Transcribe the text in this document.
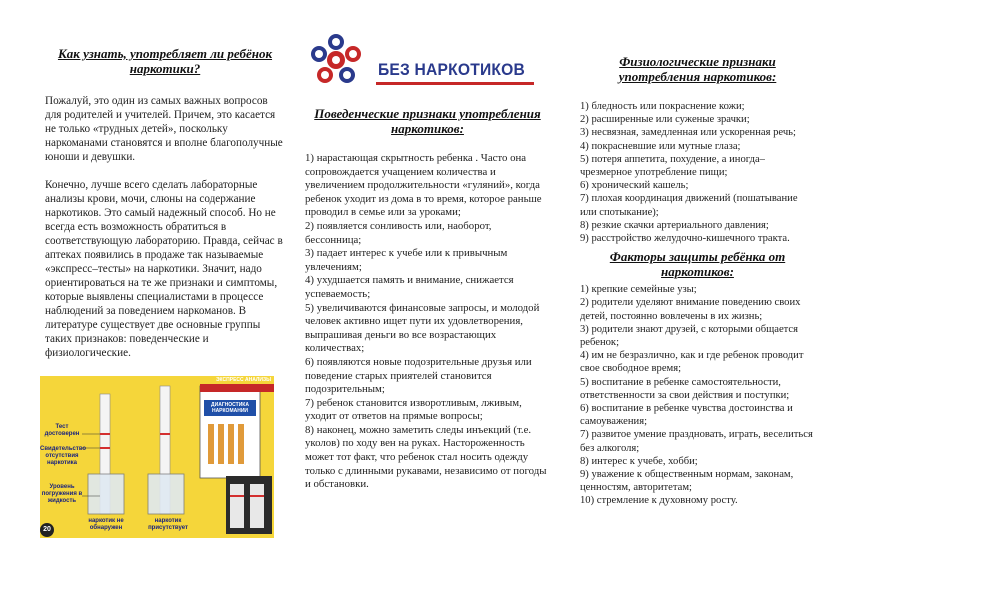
Как узнать, употребляет ли ребёнок наркотики?

Пожалуй, это один из самых важных вопросов для родителей и учителей. Причем, это касается не только «трудных детей», поскольку наркоманами становятся и вполне благополучные юноши и девушки.

Конечно, лучше всего сделать лабораторные анализы крови, мочи, слюны на содержание наркотиков. Это самый надежный способ. Но не всегда есть возможность обратиться в соответствующую лабораторию. Правда, сейчас в аптеках появились в продаже так называемые «экспресс–тесты» на наркотики. Значит, надо ориентироваться на те же признаки и симптомы, которые выявлены специалистами в процессе наблюдений за поведением наркоманов. В литературе существует две основные группы таких признаков: поведенческие и физиологические.

ЭКСПРЕСС АНАЛИЗЫ
ДИАГНОСТИКА НАРКОМАНИИ
Тест достоверен
Свидетельство отсутствия наркотика
Уровень погружения в жидкость
наркотик не обнаружен
наркотик присутствует
20
БЕЗ НАРКОТИКОВ
Поведенческие признаки употребления наркотиков:
1) нарастающая скрытность ребенка . Часто она сопровождается учащением количества и увеличением продолжительности «гуляний», когда ребенок уходит из дома в то время, которое раньше проводил в семье или за уроками;
2) появляется сонливость или, наоборот, бессонница;
3) падает интерес к учебе или к привычным увлечениям;
4) ухудшается память и внимание, снижается успеваемость;
5) увеличиваются финансовые запросы, и молодой человек активно ищет пути их удовлетворения, выпрашивая деньги во все возрастающих количествах;
6) появляются новые подозрительные друзья или поведение старых приятелей становится подозрительным;
7) ребенок становится изворотливым, лживым, уходит от ответов на прямые вопросы;
8) наконец, можно заметить следы инъекций (т.е. уколов) по ходу вен на руках. Настороженность может тот факт, что ребенок стал носить одежду только с длинными рукавами, независимо от погоды и обстановки.
Физиологические признаки употребления наркотиков:
1) бледность или покраснение кожи;
2) расширенные или суженые зрачки;
3) несвязная, замедленная или ускоренная речь;
4) покрасневшие или мутные глаза;
5) потеря аппетита, похудение, а иногда– чрезмерное употребление пищи;
6) хронический кашель;
7) плохая координация движений (пошатывание или спотыкание);
8) резкие скачки артериального давления;
9) расстройство желудочно-кишечного тракта.
Факторы защиты ребёнка от наркотиков:
1) крепкие семейные узы;
2) родители уделяют внимание поведению своих детей, постоянно вовлечены в их жизнь;
3) родители знают друзей, с которыми общается ребенок;
4) им не безразлично, как и где ребенок проводит свое свободное время;
5) воспитание в ребенке самостоятельности, ответственности за свои действия и поступки;
6) воспитание в ребенке чувства достоинства и самоуважения;
7) развитое умение праздновать, играть, веселиться без алкоголя;
8) интерес к учебе, хобби;
9) уважение к общественным нормам, законам, ценностям, авторитетам;
10) стремление к духовному росту.
